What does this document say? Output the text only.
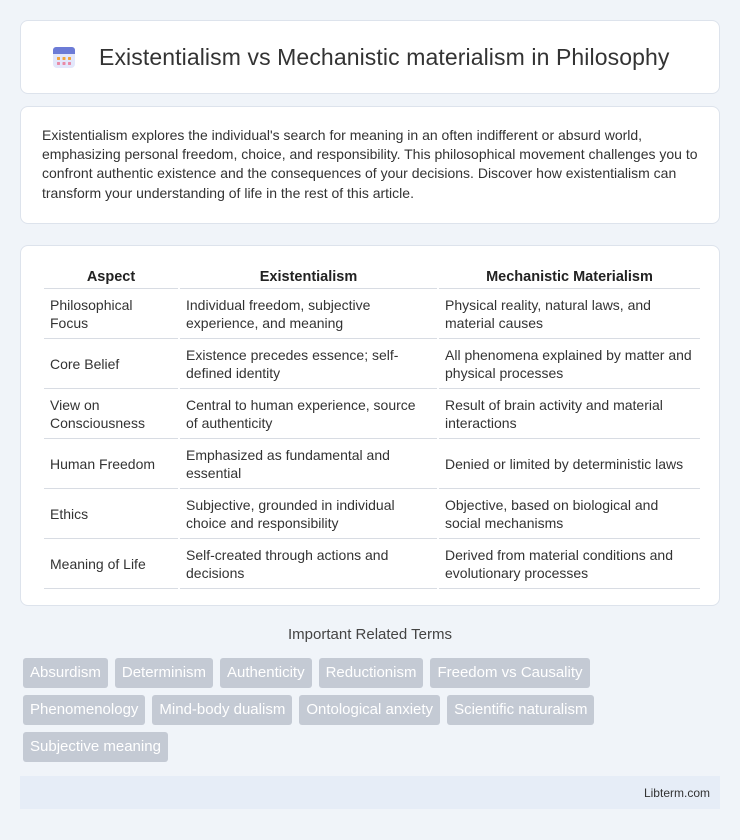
Existentialism vs Mechanistic materialism in Philosophy

Existentialism explores the individual's search for meaning in an often indifferent or absurd world, emphasizing personal freedom, choice, and responsibility. This philosophical movement challenges you to confront authentic existence and the consequences of your decisions. Discover how existentialism can transform your understanding of life in the rest of this article.

Aspect	Existentialism	Mechanistic Materialism
Philosophical Focus	Individual freedom, subjective experience, and meaning	Physical reality, natural laws, and material causes
Core Belief	Existence precedes essence; self-defined identity	All phenomena explained by matter and physical processes
View on Consciousness	Central to human experience, source of authenticity	Result of brain activity and material interactions
Human Freedom	Emphasized as fundamental and essential	Denied or limited by deterministic laws
Ethics	Subjective, grounded in individual choice and responsibility	Objective, based on biological and social mechanisms
Meaning of Life	Self-created through actions and decisions	Derived from material conditions and evolutionary processes
Important Related Terms
Absurdism	Determinism	Authenticity	Reductionism	Freedom vs Causality
Phenomenology	Mind-body dualism	Ontological anxiety	Scientific naturalism
Subjective meaning
Libterm.com
